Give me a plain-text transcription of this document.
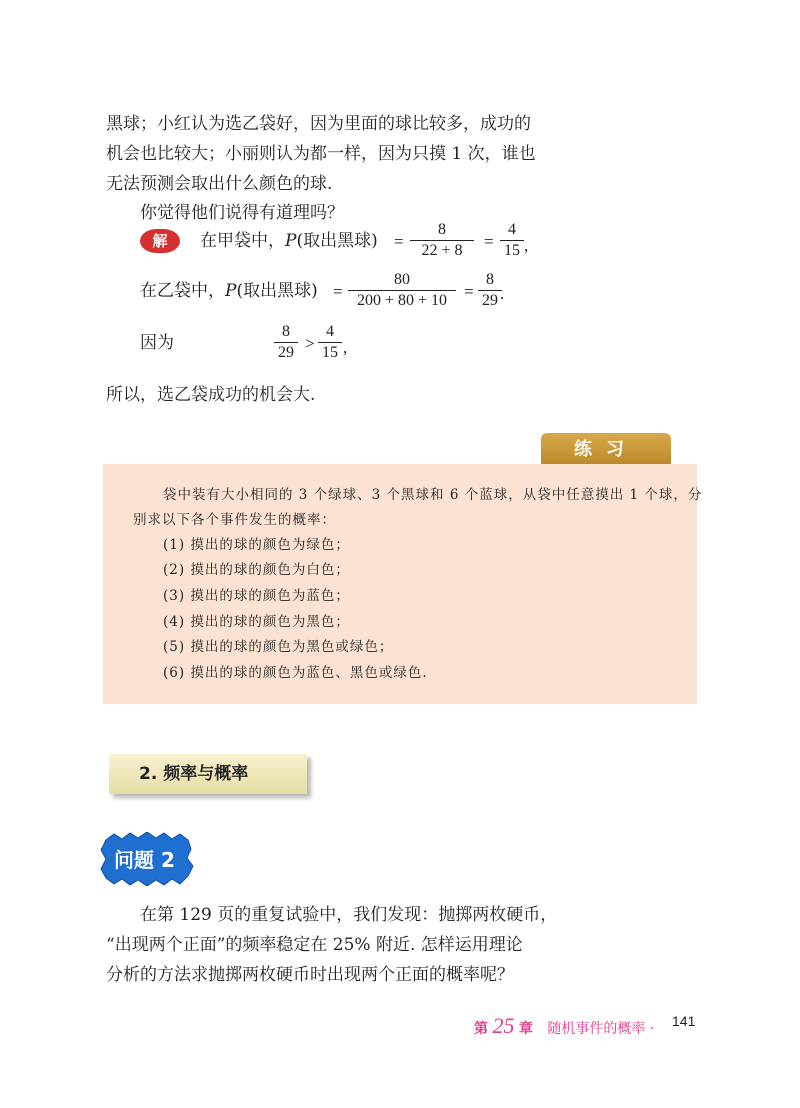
黑球；小红认为选乙袋好，因为里面的球比较多，成功的
机会也比较大；小丽则认为都一样，因为只摸 1 次，谁也
无法预测会取出什么颜色的球.
你觉得他们说得有道理吗？
解	在甲袋中，P(取出黑球) = $\frac{8}{22 + 8} = \frac{4}{15}$ ,
在乙袋中，P(取出黑球) = $\frac{80}{200 + 80 + 10} = \frac{8}{29}$
.
因为	$\frac{8}{29} > \frac{4}{15}$ ,
所以，选乙袋成功的机会大.
练习
袋中装有大小相同的 3 个绿球、3 个黑球和 6 个蓝球，从袋中任意摸出 1 个球，分
别求以下各个事件发生的概率：
(1) 摸出的球的颜色为绿色；
(2) 摸出的球的颜色为白色；
(3) 摸出的球的颜色为蓝色；
(4) 摸出的球的颜色为黑色；
(5) 摸出的球的颜色为黑色或绿色；
(6) 摸出的球的颜色为蓝色、黑色或绿色.
2. 频率与概率
问题 2
在第 129 页的重复试验中，我们发现：抛掷两枚硬币，
“出现两个正面”的频率稳定在 25% 附近. 怎样运用理论
分析的方法求抛掷两枚硬币时出现两个正面的概率呢？
第 25 章 随机事件的概率 · 141
